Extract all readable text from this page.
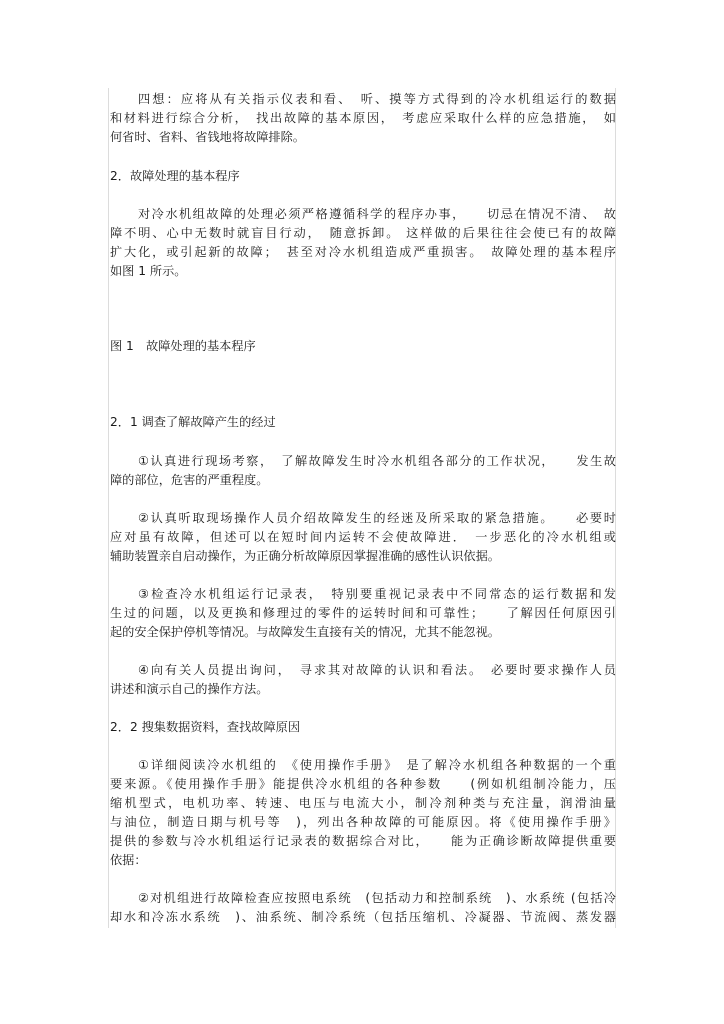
四想：应将从有关指示仪表和看、　听、摸等方式得到的冷水机组运行的数据
和材料进行综合分析，　找出故障的基本原因，　考虑应采取什么样的应急措施，　如
何省时、省料、省钱地将故障排除。
2．故障处理的基本程序
对冷水机组故障的处理必须严格遵循科学的程序办事，　　切忌在情况不清、　故
障不明、心中无数时就盲目行动，　随意拆卸。 这样做的后果往往会使已有的故障
扩大化，或引起新的故障；　甚至对冷水机组造成严重损害。　故障处理的基本程序
如图 1 所示。
图 1　故障处理的基本程序
2．1 调查了解故障产生的经过
①认真进行现场考察，　了解故障发生时冷水机组各部分的工作状况，　　发生故
障的部位，危害的严重程度。
②认真听取现场操作人员介绍故障发生的经迷及所采取的紧急措施。　　必要时
应对虽有故障，但述可以在短时间内运转不会使故障进．　一步恶化的冷水机组或
辅助装置亲自启动操作，为正确分析故障原因掌握准确的感性认识依据。
③检查冷水机组运行记录表，　特别要重视记录表中不同常态的运行数据和发
生过的问题，以及更换和修理过的零件的运转时间和可靠性；　　了解因任何原因引
起的安全保护停机等情况。与故障发生直接有关的情况，尤其不能忽视。
④向有关人员提出询问，　寻求其对故障的认识和看法。　必要时要求操作人员
讲述和演示自己的操作方法。
2．2 搜集数据资料，查找故障原因
①详细阅读冷水机组的　《使用操作手册》　是了解冷水机组各种数据的一个重
要来源。《使用操作手册》能提供冷水机组的各种参数　　(例如机组制冷能力，压
缩机型式，电机功率、转速、电压与电流大小，制冷剂种类与充注量，润滑油量
与油位，制造日期与机号等　)，列出各种故障的可能原因。将《使用操作手册》
提供的参数与冷水机组运行记录表的数据综合对比，　　能为正确诊断故障提供重要
依据：
②对机组进行故障检查应按照电系统　(包括动力和控制系统　)、水系统 (包括冷
却水和冷冻水系统　)、油系统、制冷系统（包括压缩机、冷凝器、节流阀、蒸发器
